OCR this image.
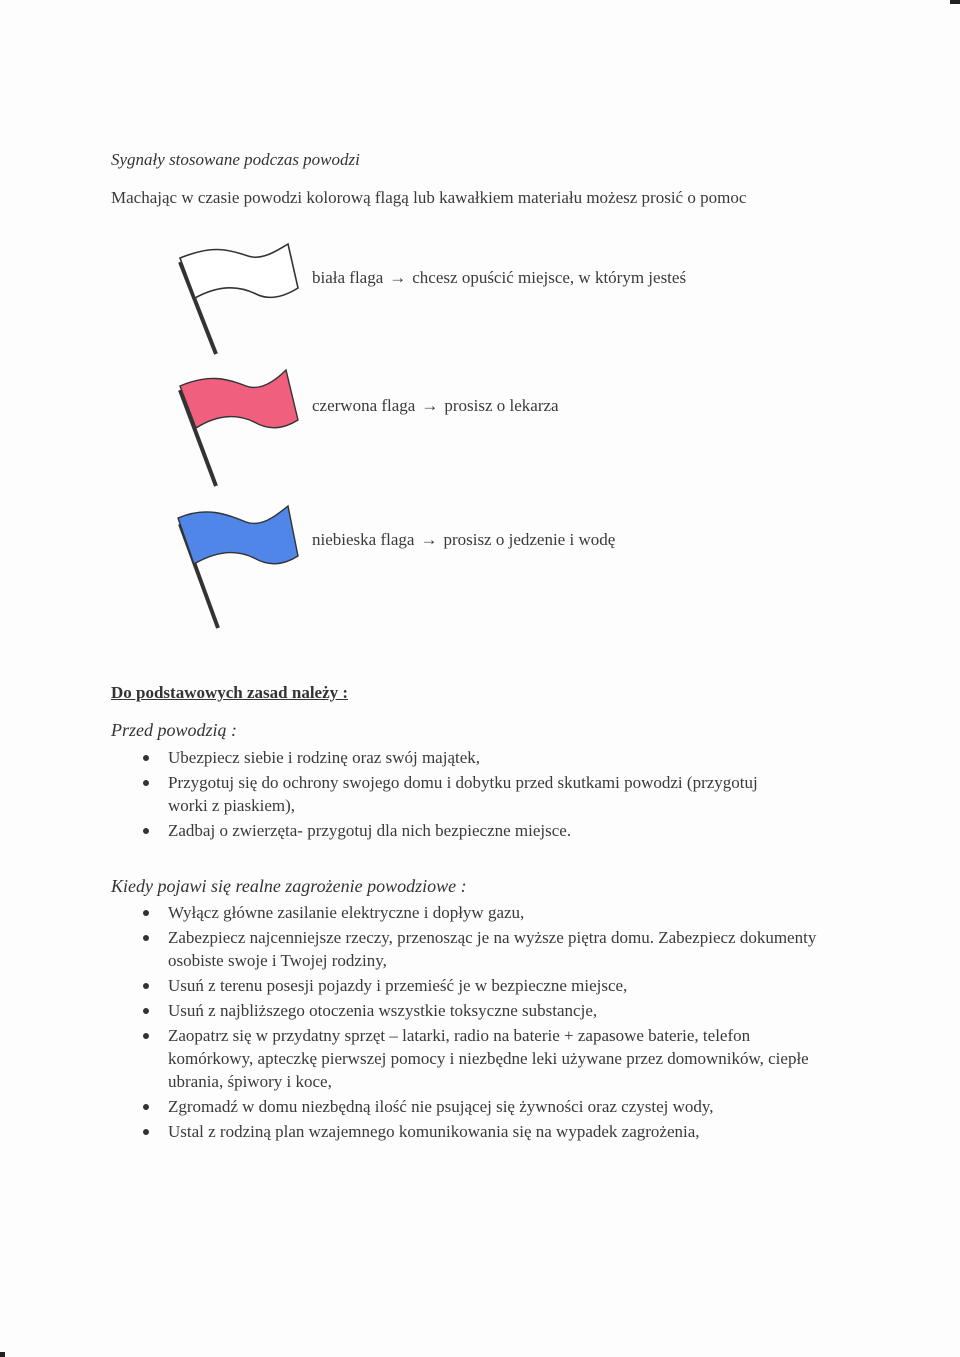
Sygnały stosowane podczas powodzi
Machając w czasie powodzi kolorową flagą lub kawałkiem materiału możesz prosić o pomoc
biała flaga → chcesz opuścić miejsce, w którym jesteś
czerwona flaga → prosisz o lekarza
niebieska flaga → prosisz o jedzenie i wodę
Do podstawowych zasad należy :
Przed powodzią :
Ubezpiecz siebie i rodzinę oraz swój majątek,
Przygotuj się do ochrony swojego domu i dobytku przed skutkami powodzi (przygotuj worki z piaskiem),
Zadbaj o zwierzęta- przygotuj dla nich bezpieczne miejsce.
Kiedy pojawi się realne zagrożenie powodziowe :
Wyłącz główne zasilanie elektryczne i dopływ gazu,
Zabezpiecz najcenniejsze rzeczy, przenosząc je na wyższe piętra domu. Zabezpiecz dokumenty osobiste swoje i Twojej rodziny,
Usuń z terenu posesji pojazdy i przemieść je w bezpieczne miejsce,
Usuń z najbliższego otoczenia wszystkie toksyczne substancje,
Zaopatrz się w przydatny sprzęt – latarki, radio na baterie + zapasowe baterie, telefon komórkowy, apteczkę pierwszej pomocy i niezbędne leki używane przez domowników, ciepłe ubrania, śpiwory i koce,
Zgromadź w domu niezbędną ilość nie psującej się żywności oraz czystej wody,
Ustal z rodziną plan wzajemnego komunikowania się na wypadek zagrożenia,
